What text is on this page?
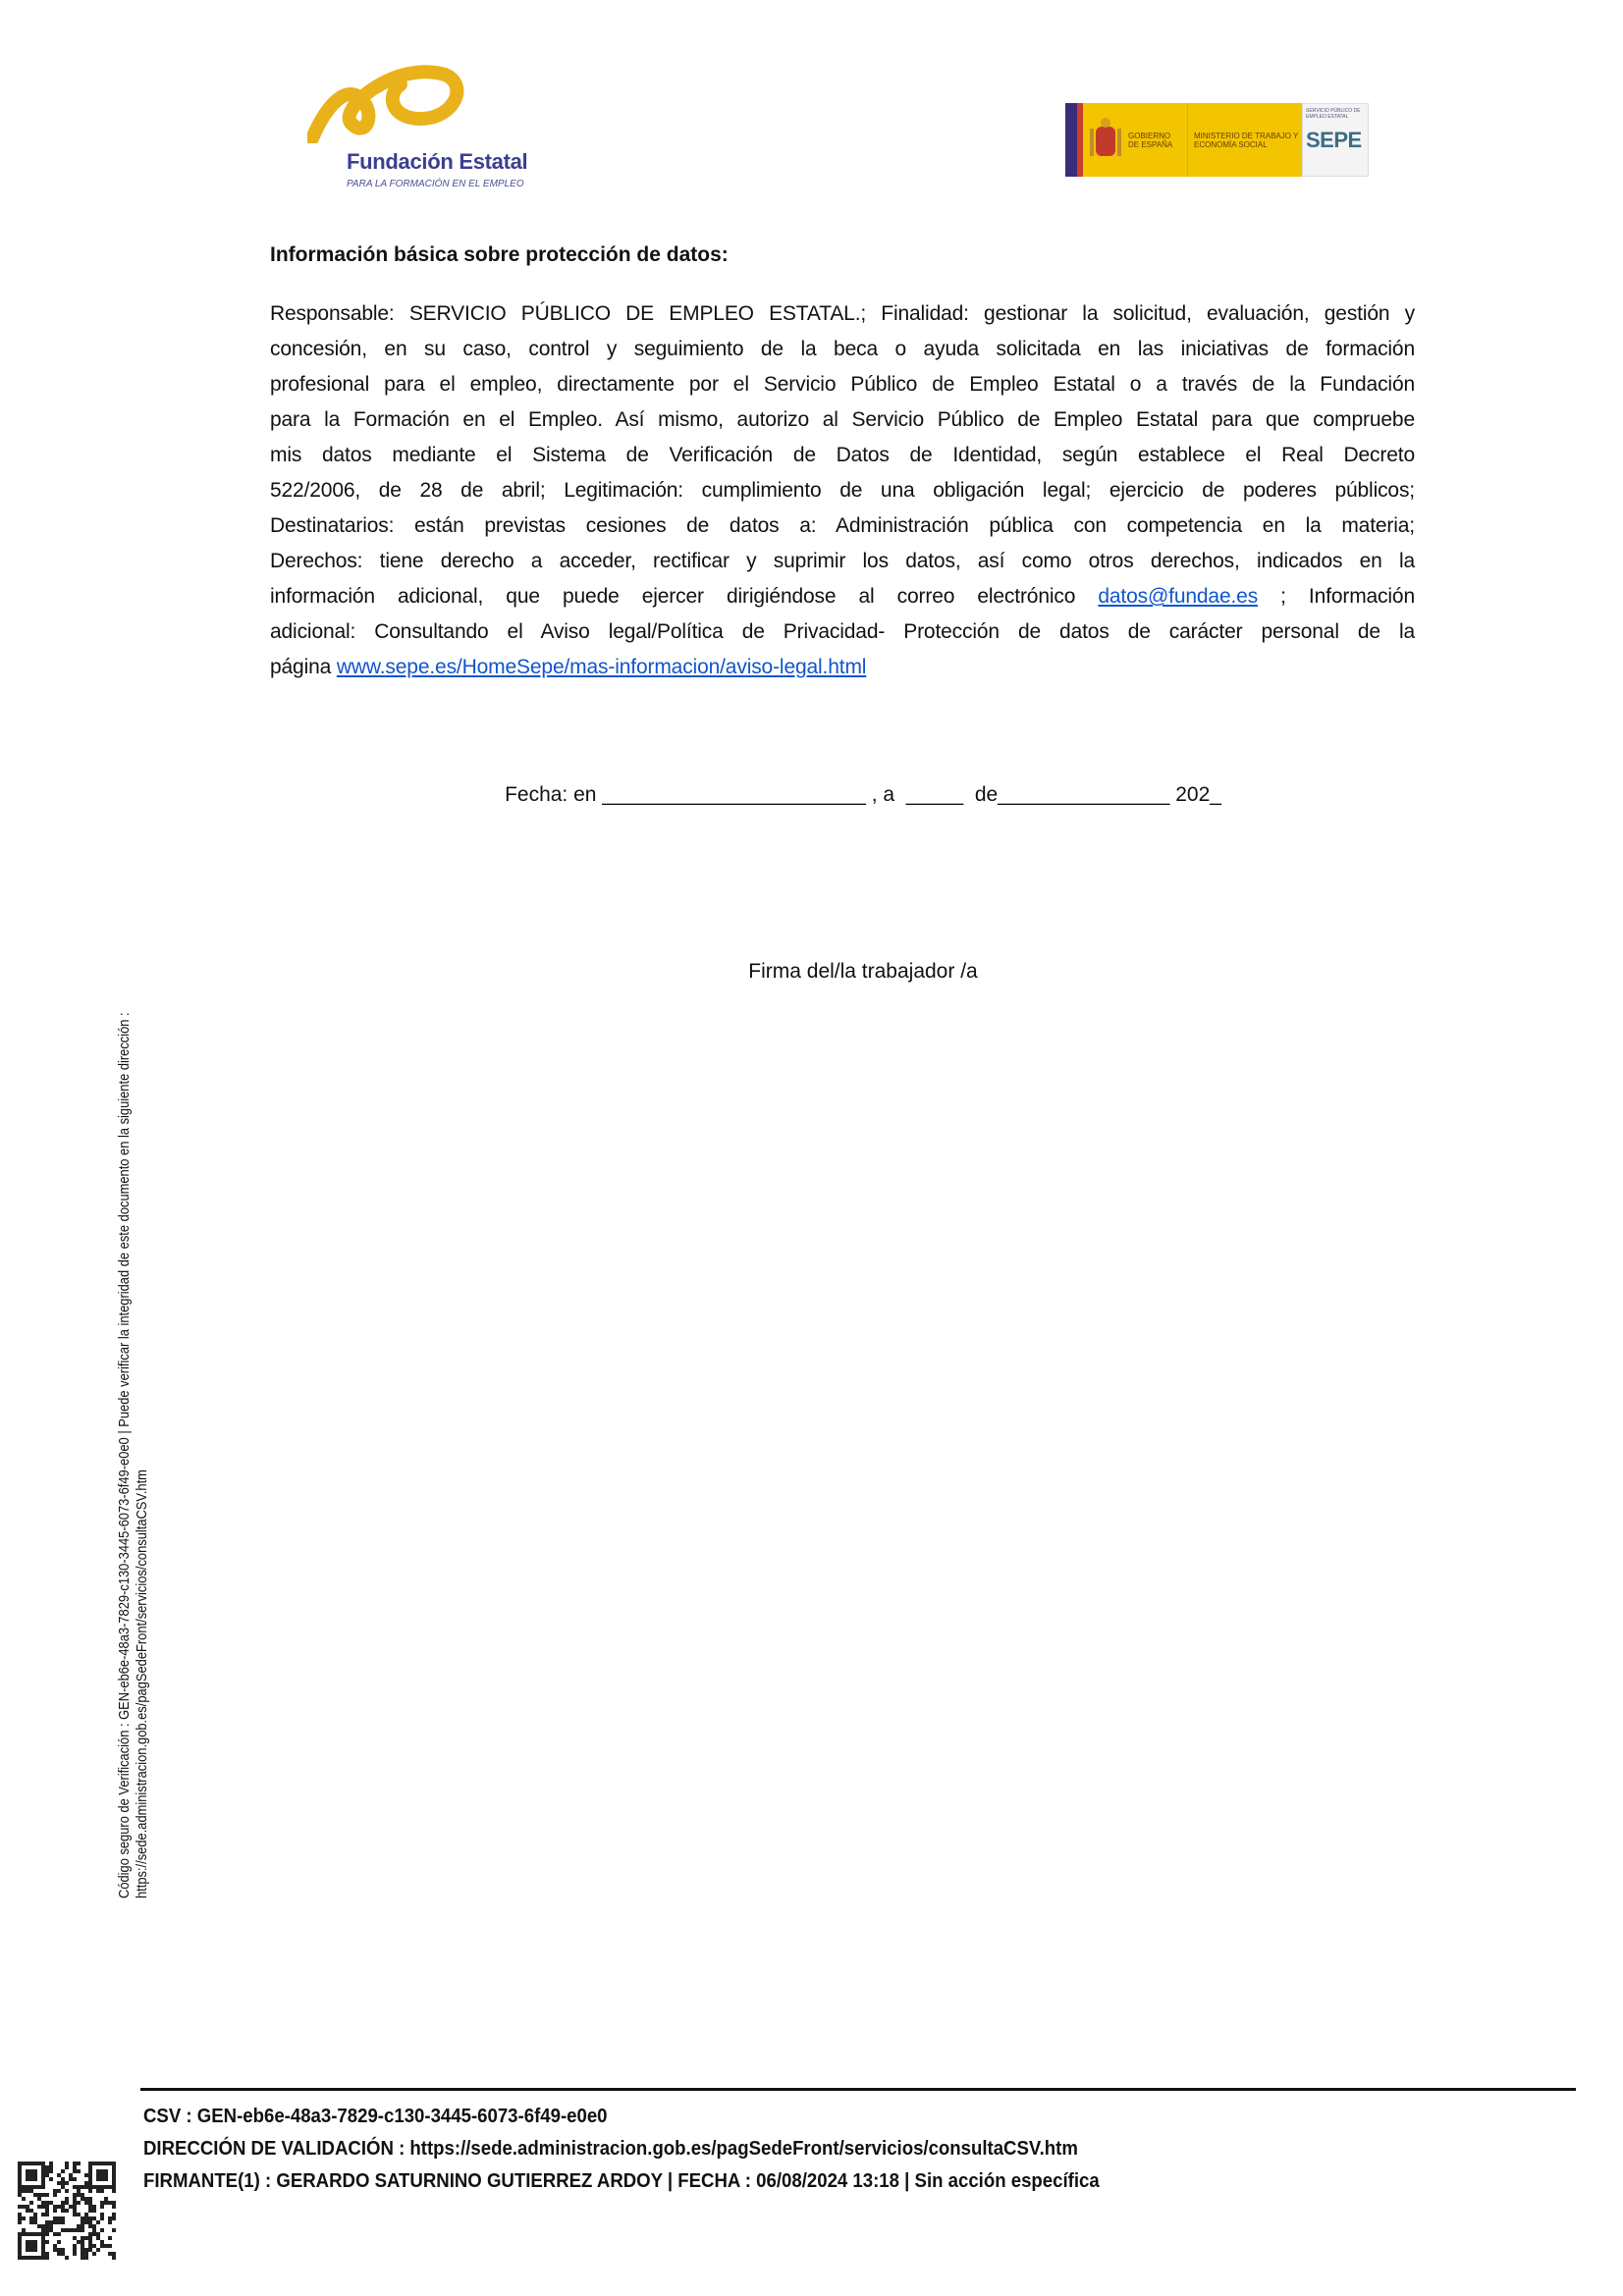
Fundación Estatal
PARA LA FORMACIÓN EN EL EMPLEO
GOBIERNO DE ESPAÑA
MINISTERIO DE TRABAJO Y ECONOMÍA SOCIAL
SERVICIO PÚBLICO DE EMPLEO ESTATAL
SEPE
Información básica sobre protección de datos:
Responsable: SERVICIO PÚBLICO DE EMPLEO ESTATAL.; Finalidad: gestionar la solicitud, evaluación, gestión y
concesión, en su caso, control y seguimiento de la beca o ayuda solicitada en las iniciativas de formación
profesional para el empleo, directamente por el Servicio Público de Empleo Estatal o a través de la Fundación
para la Formación en el Empleo. Así mismo, autorizo al Servicio Público de Empleo Estatal para que compruebe
mis datos mediante el Sistema de Verificación de Datos de Identidad, según establece el Real Decreto
522/2006, de 28 de abril; Legitimación: cumplimiento de una obligación legal; ejercicio de poderes públicos;
Destinatarios: están previstas cesiones de datos a: Administración pública con competencia en la materia;
Derechos: tiene derecho a acceder, rectificar y suprimir los datos, así como otros derechos, indicados en la
información adicional, que puede ejercer dirigiéndose al correo electrónico datos@fundae.es ; Información
adicional: Consultando el Aviso legal/Política de Privacidad- Protección de datos de carácter personal de la
página www.sepe.es/HomeSepe/mas-informacion/aviso-legal.html
Fecha: en _______________________ , a  _____  de_______________ 202_
Firma del/la trabajador /a
Código seguro de Verificación : GEN-eb6e-48a3-7829-c130-3445-6073-6f49-e0e0 | Puede verificar la integridad de este documento en la siguiente dirección : https://sede.administracion.gob.es/pagSedeFront/servicios/consultaCSV.htm
CSV : GEN-eb6e-48a3-7829-c130-3445-6073-6f49-e0e0
DIRECCIÓN DE VALIDACIÓN : https://sede.administracion.gob.es/pagSedeFront/servicios/consultaCSV.htm
FIRMANTE(1) : GERARDO SATURNINO GUTIERREZ ARDOY | FECHA : 06/08/2024 13:18 | Sin acción específica
